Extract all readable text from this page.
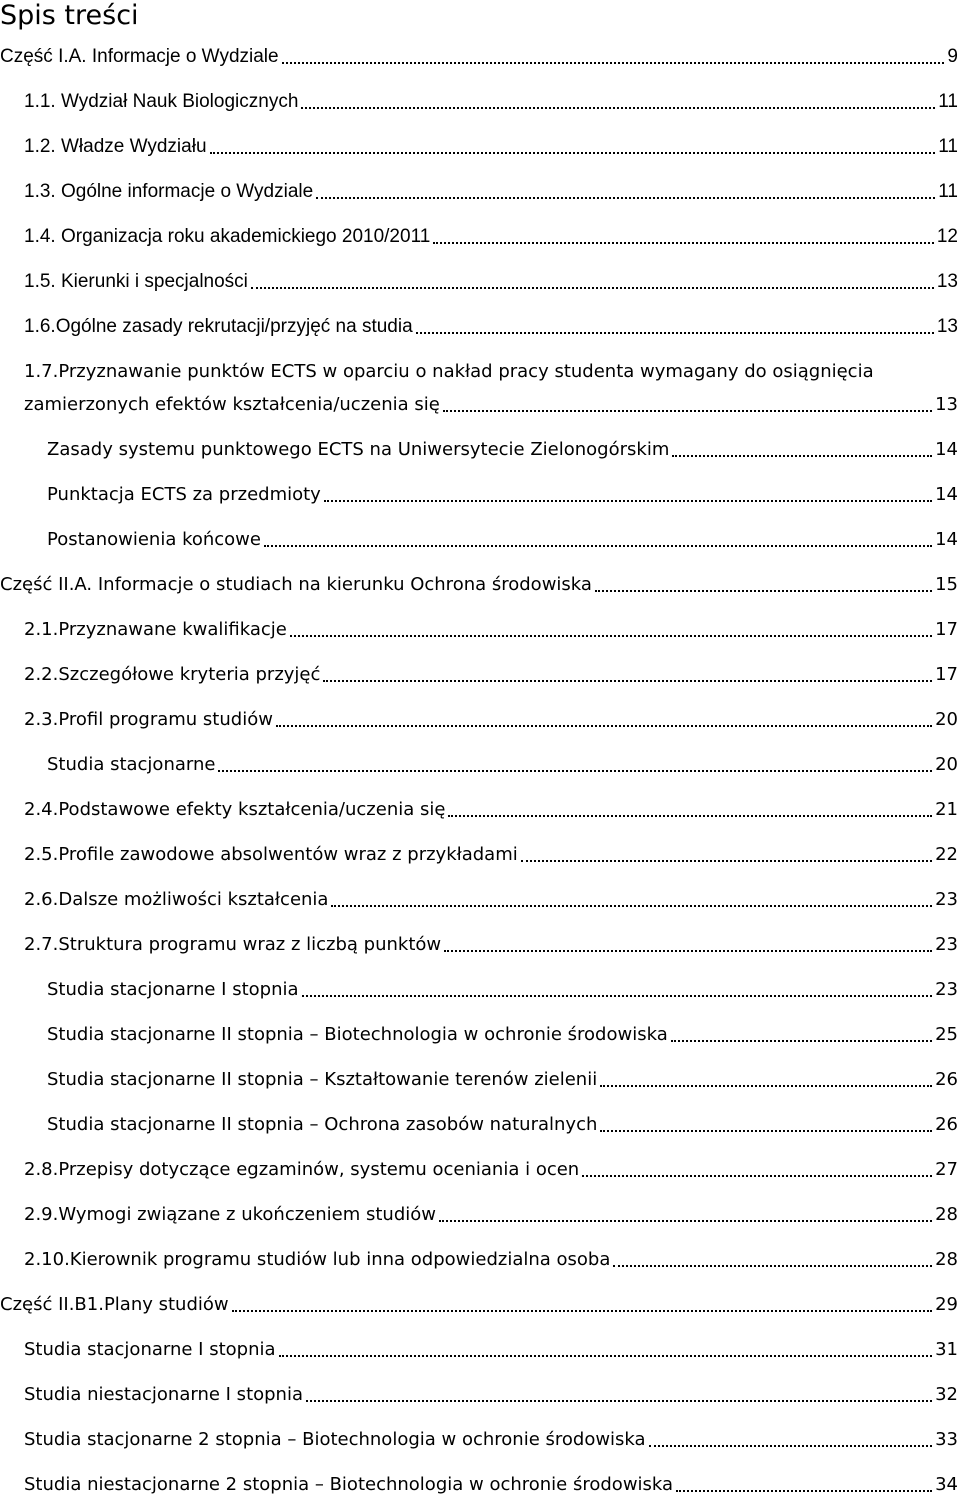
Spis treści
Część I.A. Informacje o Wydziale	9
1.1. Wydział Nauk Biologicznych	11
1.2. Władze Wydziału	11
1.3. Ogólne informacje o Wydziale	11
1.4. Organizacja roku akademickiego 2010/2011	12
1.5. Kierunki i specjalności	13
1.6.Ogólne zasady rekrutacji/przyjęć na studia	13
1.7.Przyznawanie punktów ECTS w oparciu o nakład pracy studenta wymagany do osiągnięcia
zamierzonych efektów kształcenia/uczenia się	13
Zasady systemu punktowego ECTS na Uniwersytecie Zielonogórskim	14
Punktacja ECTS za przedmioty	14
Postanowienia końcowe	14
Część II.A. Informacje o studiach na kierunku Ochrona środowiska	15
2.1.Przyznawane kwalifikacje	17
2.2.Szczegółowe kryteria przyjęć	17
2.3.Profil programu studiów	20
Studia stacjonarne	20
2.4.Podstawowe efekty kształcenia/uczenia się	21
2.5.Profile zawodowe absolwentów wraz z przykładami	22
2.6.Dalsze możliwości kształcenia	23
2.7.Struktura programu wraz z liczbą punktów	23
Studia stacjonarne I stopnia	23
Studia stacjonarne II stopnia – Biotechnologia w ochronie środowiska	25
Studia stacjonarne II stopnia – Kształtowanie terenów zielenii	26
Studia stacjonarne II stopnia – Ochrona zasobów naturalnych	26
2.8.Przepisy dotyczące egzaminów, systemu oceniania i ocen	27
2.9.Wymogi związane z ukończeniem studiów	28
2.10.Kierownik programu studiów lub inna odpowiedzialna osoba	28
Część II.B1.Plany studiów	29
Studia stacjonarne I stopnia	31
Studia niestacjonarne I stopnia	32
Studia stacjonarne 2 stopnia – Biotechnologia w ochronie środowiska	33
Studia niestacjonarne 2 stopnia – Biotechnologia w ochronie środowiska	34
